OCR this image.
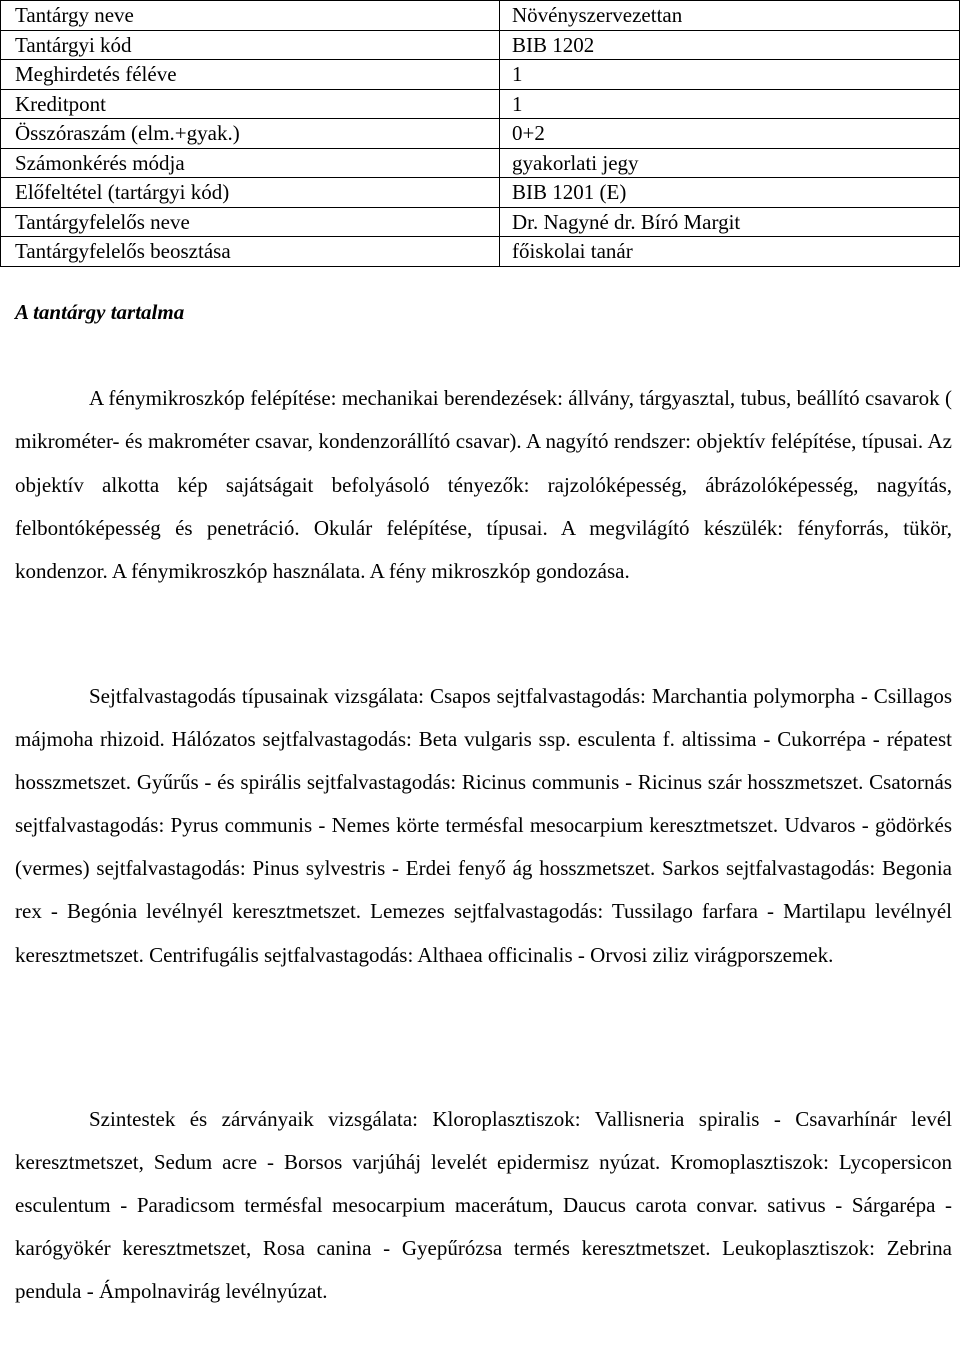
Tantárgy neve	Növényszervezettan
Tantárgyi kód	BIB 1202
Meghirdetés féléve	1
Kreditpont	1
Összóraszám (elm.+gyak.)	0+2
Számonkérés módja	gyakorlati jegy
Előfeltétel (tartárgyi kód)	BIB 1201 (E)
Tantárgyfelelős neve	Dr. Nagyné dr. Bíró Margit
Tantárgyfelelős beosztása	főiskolai tanár
A tantárgy tartalma

A fénymikroszkóp felépítése: mechanikai berendezések: állvány, tárgyasztal, tubus, beállító csavarok ( mikrométer- és makrométer csavar, kondenzorállító csavar). A nagyító rendszer: objektív felépítése, típusai. Az objektív alkotta kép sajátságait befolyásoló tényezők: rajzolóképesség, ábrázolóképesség, nagyítás, felbontóképesség és penetráció. Okulár felépítése, típusai. A megvilágító készülék: fényforrás, tükör, kondenzor. A fénymikroszkóp használata. A fény mikroszkóp gondozása.

Sejtfalvastagodás típusainak vizsgálata: Csapos sejtfalvastagodás: Marchantia polymorpha - Csillagos májmoha rhizoid. Hálózatos sejtfalvastagodás: Beta vulgaris ssp. esculenta f. altissima - Cukorrépa - répatest hosszmetszet. Gyűrűs - és spirális sejtfalvastagodás: Ricinus communis - Ricinus szár hosszmetszet. Csatornás sejtfalvastagodás: Pyrus communis - Nemes körte termésfal mesocarpium keresztmetszet. Udvaros - gödörkés (vermes) sejtfalvastagodás: Pinus sylvestris - Erdei fenyő ág hosszmetszet. Sarkos sejtfalvastagodás: Begonia rex - Begónia levélnyél keresztmetszet. Lemezes sejtfalvastagodás: Tussilago farfara - Martilapu levélnyél keresztmetszet. Centrifugális sejtfalvastagodás: Althaea officinalis - Orvosi ziliz virágporszemek.

Szintestek és zárványaik vizsgálata: Kloroplasztiszok: Vallisneria spiralis - Csavarhínár levél keresztmetszet, Sedum acre - Borsos varjúháj levelét epidermisz nyúzat. Kromoplasztiszok: Lycopersicon esculentum - Paradicsom termésfal mesocarpium macerátum, Daucus carota convar. sativus - Sárgarépa - karógyökér keresztmetszet, Rosa canina - Gyepűrózsa termés keresztmetszet. Leukoplasztiszok: Zebrina pendula - Ámpolnavirág levélnyúzat.
